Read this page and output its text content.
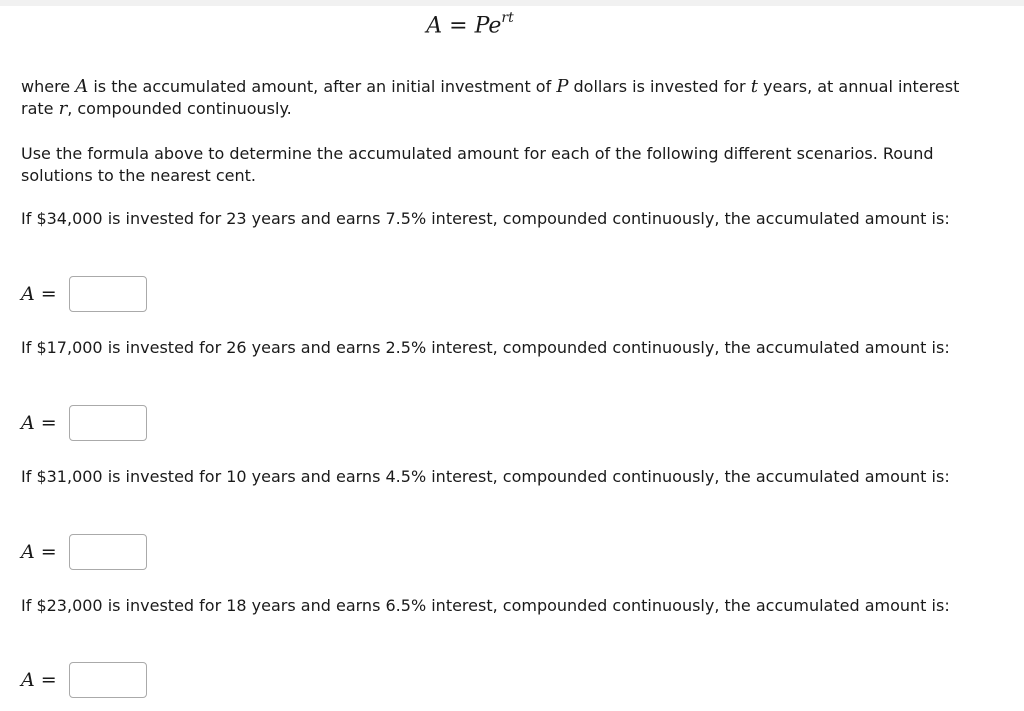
$A = Pe^{rt}$

where A is the accumulated amount, after an initial investment of P dollars is invested for t years, at annual interest rate r, compounded continuously.

Use the formula above to determine the accumulated amount for each of the following different scenarios. Round solutions to the nearest cent.

If $34,000 is invested for 23 years and earns 7.5% interest, compounded continuously, the accumulated amount is:

A =

If $17,000 is invested for 26 years and earns 2.5% interest, compounded continuously, the accumulated amount is:

A =

If $31,000 is invested for 10 years and earns 4.5% interest, compounded continuously, the accumulated amount is:

A =

If $23,000 is invested for 18 years and earns 6.5% interest, compounded continuously, the accumulated amount is:

A =
